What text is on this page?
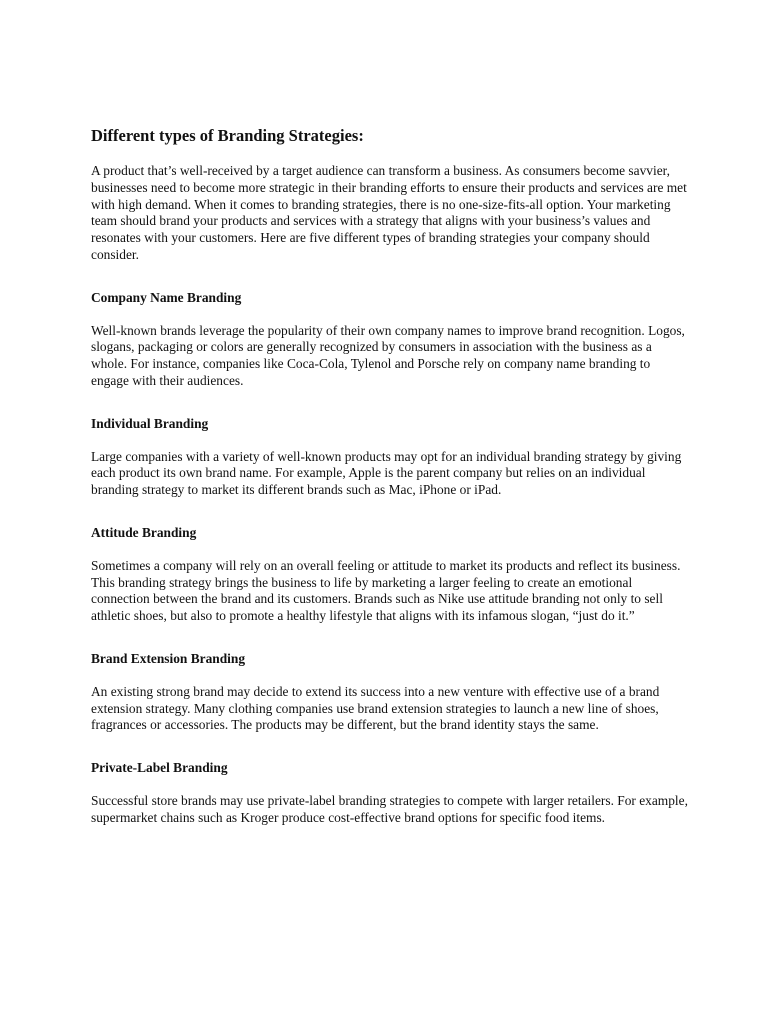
Different types of Branding Strategies:

A product that’s well-received by a target audience can transform a business. As consumers become savvier, businesses need to become more strategic in their branding efforts to ensure their products and services are met with high demand. When it comes to branding strategies, there is no one-size-fits-all option. Your marketing team should brand your products and services with a strategy that aligns with your business’s values and resonates with your customers. Here are five different types of branding strategies your company should consider.

Company Name Branding

Well-known brands leverage the popularity of their own company names to improve brand recognition. Logos, slogans, packaging or colors are generally recognized by consumers in association with the business as a whole. For instance, companies like Coca-Cola, Tylenol and Porsche rely on company name branding to engage with their audiences.

Individual Branding

Large companies with a variety of well-known products may opt for an individual branding strategy by giving each product its own brand name. For example, Apple is the parent company but relies on an individual branding strategy to market its different brands such as Mac, iPhone or iPad.

Attitude Branding

Sometimes a company will rely on an overall feeling or attitude to market its products and reflect its business. This branding strategy brings the business to life by marketing a larger feeling to create an emotional connection between the brand and its customers. Brands such as Nike use attitude branding not only to sell athletic shoes, but also to promote a healthy lifestyle that aligns with its infamous slogan, “just do it.”

Brand Extension Branding

An existing strong brand may decide to extend its success into a new venture with effective use of a brand extension strategy. Many clothing companies use brand extension strategies to launch a new line of shoes, fragrances or accessories. The products may be different, but the brand identity stays the same.

Private-Label Branding

Successful store brands may use private-label branding strategies to compete with larger retailers. For example, supermarket chains such as Kroger produce cost-effective brand options for specific food items.
